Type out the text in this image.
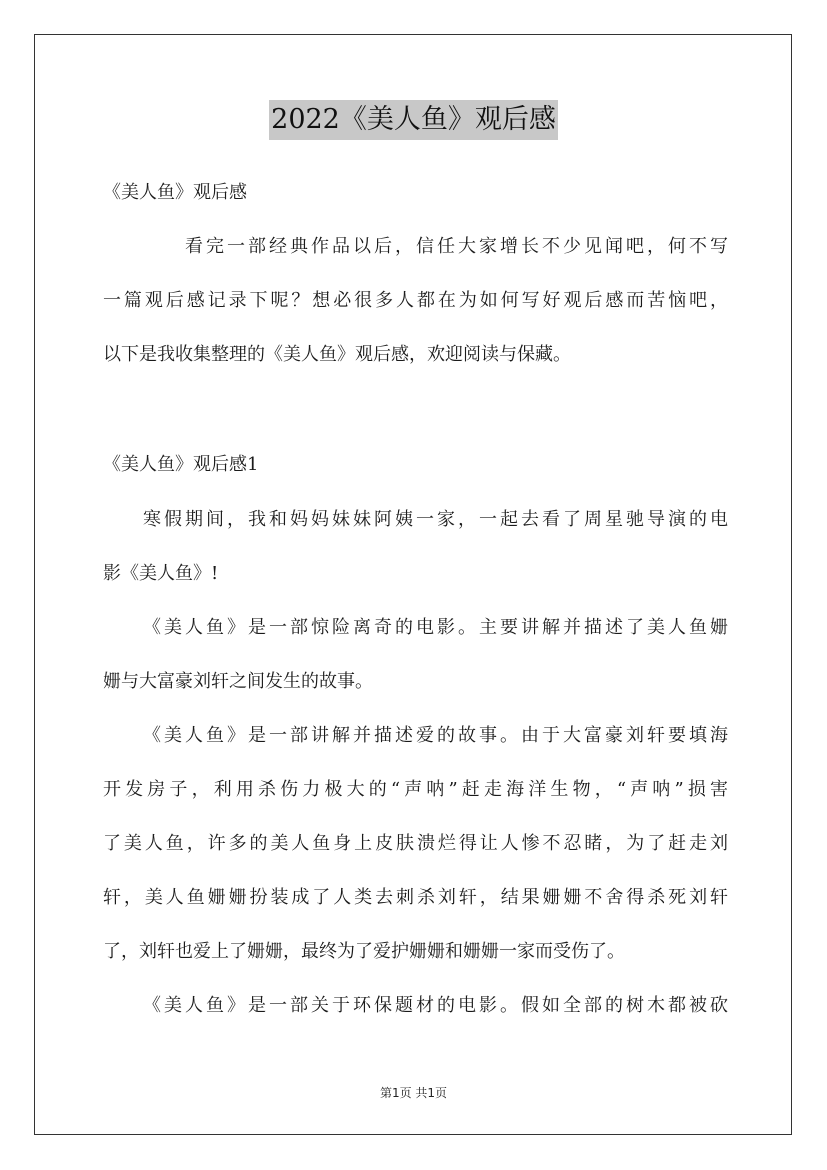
2022《美人鱼》观后感
《美人鱼》观后感
看完一部经典作品以后，信任大家增长不少见闻吧，何不写
一篇观后感记录下呢？想必很多人都在为如何写好观后感而苦恼吧，
以下是我收集整理的《美人鱼》观后感，欢迎阅读与保藏。
《美人鱼》观后感1
寒假期间，我和妈妈妹妹阿姨一家，一起去看了周星驰导演的电
影《美人鱼》!
《美人鱼》是一部惊险离奇的电影。主要讲解并描述了美人鱼姗
姗与大富豪刘轩之间发生的故事。
《美人鱼》是一部讲解并描述爱的故事。由于大富豪刘轩要填海
开发房子，利用杀伤力极大的“声呐”赶走海洋生物，“声呐”损害
了美人鱼，许多的美人鱼身上皮肤溃烂得让人惨不忍睹，为了赶走刘
轩，美人鱼姗姗扮装成了人类去刺杀刘轩，结果姗姗不舍得杀死刘轩
了，刘轩也爱上了姗姗，最终为了爱护姗姗和姗姗一家而受伤了。
《美人鱼》是一部关于环保题材的电影。假如全部的树木都被砍
第1页 共1页
